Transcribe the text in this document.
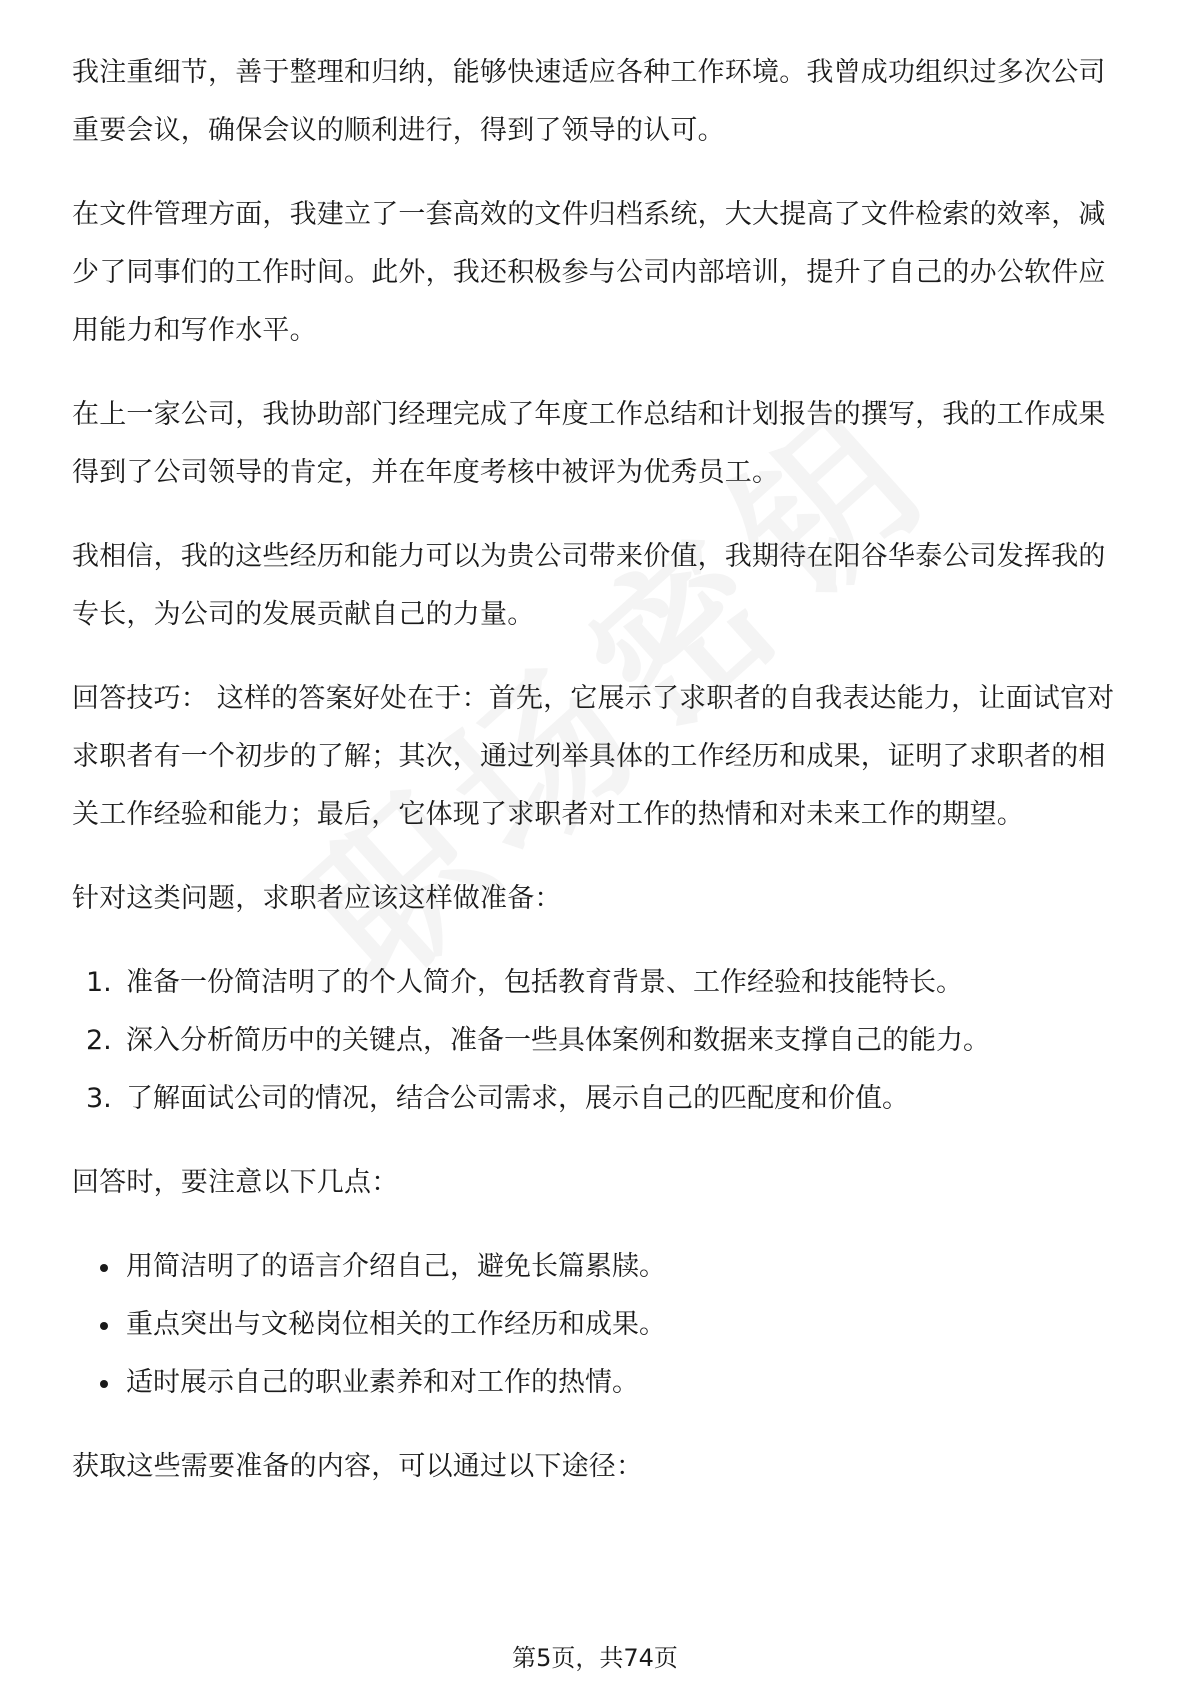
我注重细节，善于整理和归纳，能够快速适应各种工作环境。我曾成功组织过多次公司重要会议，确保会议的顺利进行，得到了领导的认可。

在文件管理方面，我建立了一套高效的文件归档系统，大大提高了文件检索的效率，减少了同事们的工作时间。此外，我还积极参与公司内部培训，提升了自己的办公软件应用能力和写作水平。

在上一家公司，我协助部门经理完成了年度工作总结和计划报告的撰写，我的工作成果得到了公司领导的肯定，并在年度考核中被评为优秀员工。

我相信，我的这些经历和能力可以为贵公司带来价值，我期待在阳谷华泰公司发挥我的专长，为公司的发展贡献自己的力量。

回答技巧： 这样的答案好处在于：首先，它展示了求职者的自我表达能力，让面试官对求职者有一个初步的了解；其次，通过列举具体的工作经历和成果，证明了求职者的相关工作经验和能力；最后，它体现了求职者对工作的热情和对未来工作的期望。

针对这类问题，求职者应该这样做准备：

1. 准备一份简洁明了的个人简介，包括教育背景、工作经验和技能特长。
2. 深入分析简历中的关键点，准备一些具体案例和数据来支撑自己的能力。
3. 了解面试公司的情况，结合公司需求，展示自己的匹配度和价值。

回答时，要注意以下几点：

用简洁明了的语言介绍自己，避免长篇累牍。
重点突出与文秘岗位相关的工作经历和成果。
适时展示自己的职业素养和对工作的热情。

获取这些需要准备的内容，可以通过以下途径：

第5页，共74页
